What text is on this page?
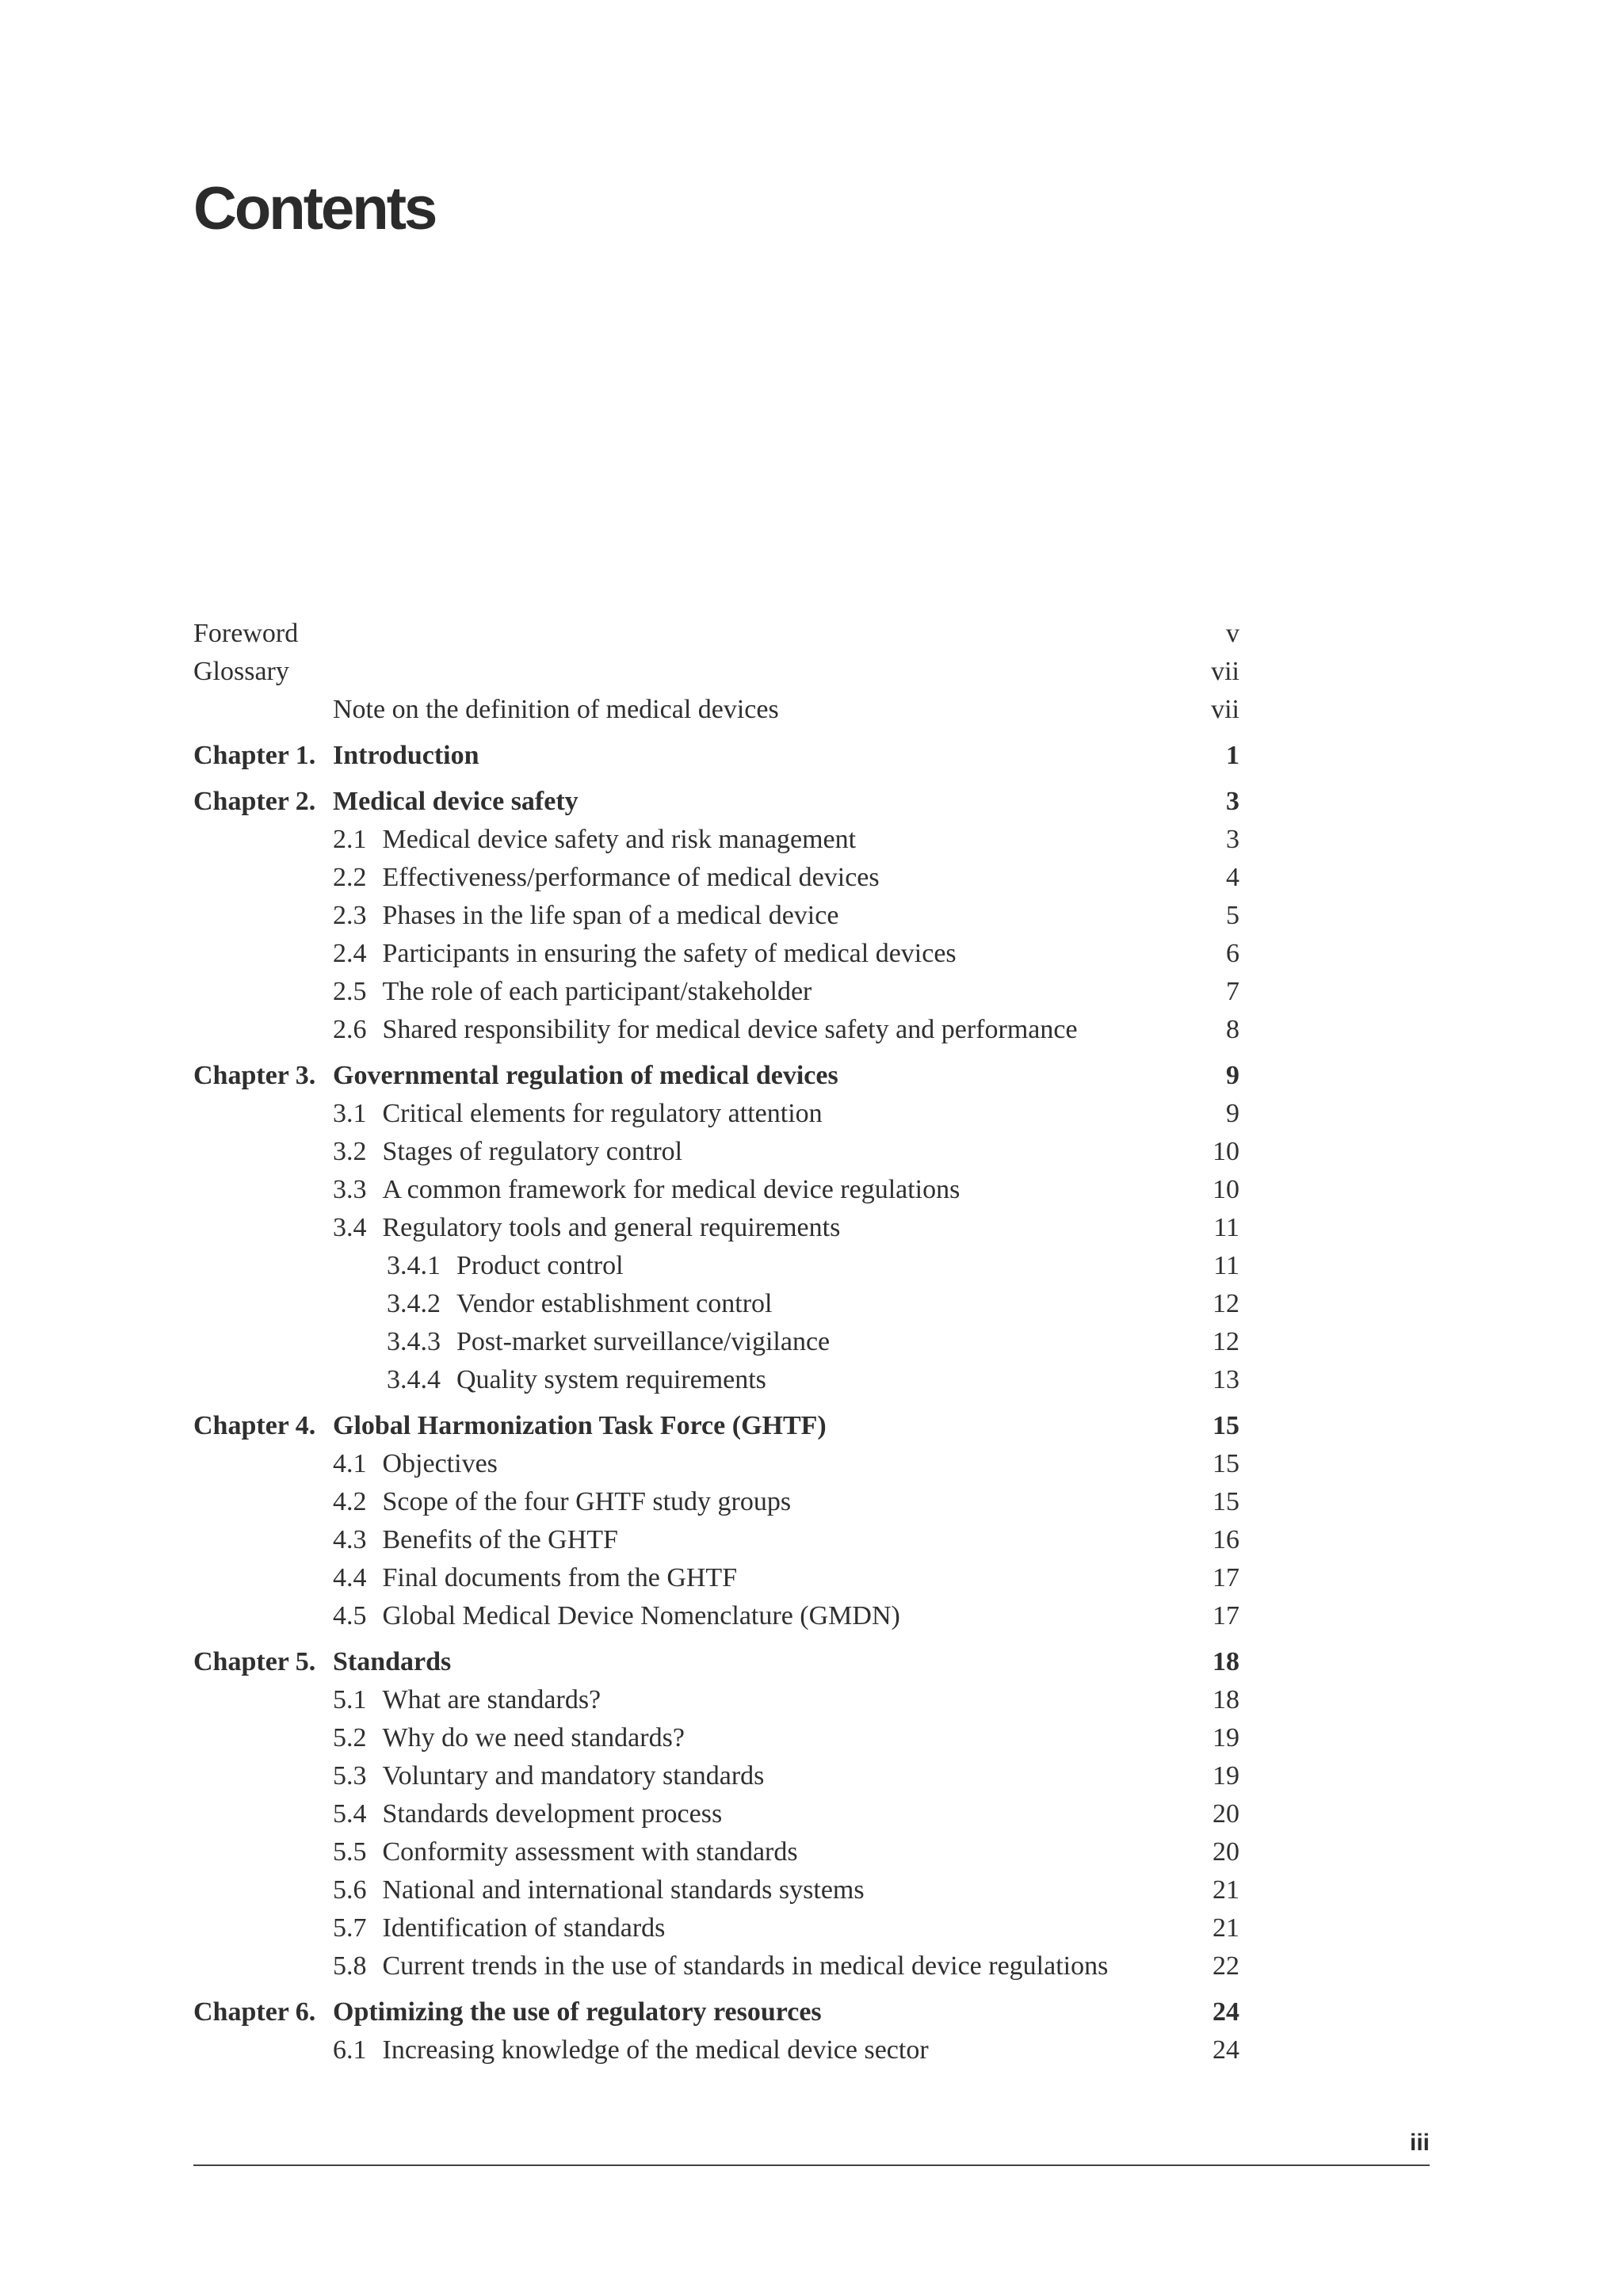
Contents
Foreword	v
Glossary	vii
Note on the definition of medical devices	vii
Chapter 1. Introduction	1
Chapter 2. Medical device safety	3
2.1 Medical device safety and risk management	3
2.2 Effectiveness/performance of medical devices	4
2.3 Phases in the life span of a medical device	5
2.4 Participants in ensuring the safety of medical devices	6
2.5 The role of each participant/stakeholder	7
2.6 Shared responsibility for medical device safety and performance	8
Chapter 3. Governmental regulation of medical devices	9
3.1 Critical elements for regulatory attention	9
3.2 Stages of regulatory control	10
3.3 A common framework for medical device regulations	10
3.4 Regulatory tools and general requirements	11
3.4.1 Product control	11
3.4.2 Vendor establishment control	12
3.4.3 Post-market surveillance/vigilance	12
3.4.4 Quality system requirements	13
Chapter 4. Global Harmonization Task Force (GHTF)	15
4.1 Objectives	15
4.2 Scope of the four GHTF study groups	15
4.3 Benefits of the GHTF	16
4.4 Final documents from the GHTF	17
4.5 Global Medical Device Nomenclature (GMDN)	17
Chapter 5. Standards	18
5.1 What are standards?	18
5.2 Why do we need standards?	19
5.3 Voluntary and mandatory standards	19
5.4 Standards development process	20
5.5 Conformity assessment with standards	20
5.6 National and international standards systems	21
5.7 Identification of standards	21
5.8 Current trends in the use of standards in medical device regulations	22
Chapter 6. Optimizing the use of regulatory resources	24
6.1 Increasing knowledge of the medical device sector	24
iii
